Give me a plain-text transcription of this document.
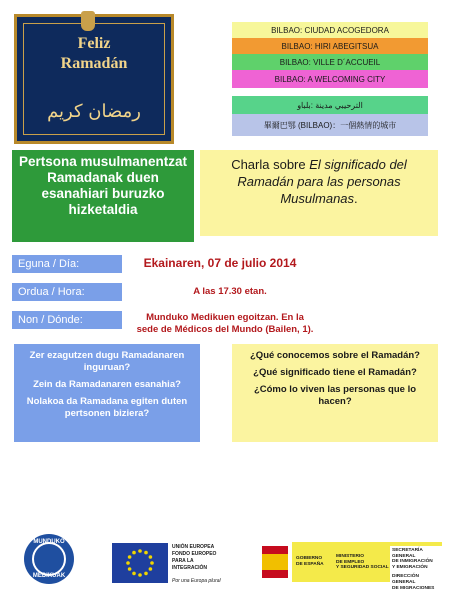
Feliz
Ramadán
رمضان كريم
BILBAO: CIUDAD ACOGEDORA
BILBAO: HIRI ABEGITSUA
BILBAO: VILLE D´ACCUEIL
BILBAO: A WELCOMING CITY
الترحيبي مدينة :بلباو
畢爾巴鄂 (BILBAO)：一個熱情的城市
Pertsona musulmanentzat Ramadanak duen esanahiari buruzko hizketaldia
Charla sobre El significado del Ramadán para las personas Musulmanas.
Eguna / Día:	Ekainaren, 07 de julio 2014
Ordua / Hora:	A las 17.30 etan.
Non / Dónde:	Munduko Medikuen egoitzan. En la
sede de Médicos del Mundo (Bailen, 1).

Zer ezagutzen dugu Ramadanaren inguruan?

Zein da Ramadanaren esanahia?

Nolakoa da Ramadana egiten duten pertsonen biziera?

¿Qué conocemos sobre el Ramadán?

¿Qué significado tiene el Ramadán?

¿Cómo lo viven las personas que lo hacen?

MUNDUKO
MEDIKUAK
UNIÓN EUROPEA
FONDO EUROPEO
PARA LA
INTEGRACIÓN
Por una Europa plural
GOBIERNO
DE ESPAÑA
MINISTERIO
DE EMPLEO
Y SEGURIDAD SOCIAL
SECRETARÍA GENERAL
DE INMIGRACIÓN
Y EMIGRACIÓN
DIRECCIÓN GENERAL
DE MIGRACIONES
